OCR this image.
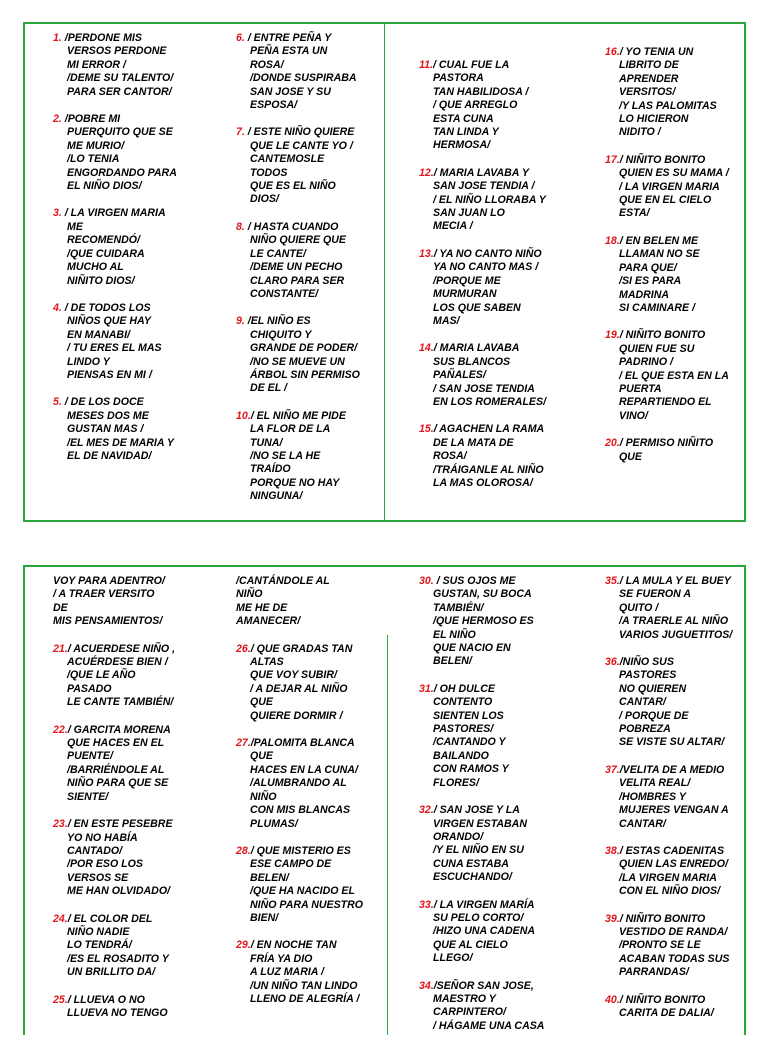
1. /PERDONE MIS
VERSOS PERDONE
MI ERROR /
/DEME SU TALENTO/
PARA SER CANTOR/
2. /POBRE MI
PUERQUITO QUE SE
ME MURIO/
/LO TENIA
ENGORDANDO PARA
EL NIÑO DIOS/
3. / LA VIRGEN MARIA
ME
RECOMENDÓ/
/QUE CUIDARA
MUCHO AL
NIÑITO DIOS/
4. / DE TODOS LOS
NIÑOS QUE HAY
EN MANABI/
/ TU ERES EL MAS
LINDO Y
PIENSAS EN MI /
5. / DE LOS DOCE
MESES DOS ME
GUSTAN MAS /
/EL MES DE MARIA Y
EL DE NAVIDAD/
6. / ENTRE PEÑA Y
PEÑA ESTA UN
ROSA/
/DONDE SUSPIRABA
SAN JOSE Y SU
ESPOSA/
7. / ESTE NIÑO QUIERE
QUE LE CANTE YO /
CANTEMOSLE
TODOS
QUE ES EL NIÑO
DIOS/
8. / HASTA CUANDO
NIÑO QUIERE QUE
LE CANTE/
/DEME UN PECHO
CLARO PARA SER
CONSTANTE/
9. /EL NIÑO ES
CHIQUITO Y
GRANDE DE PODER/
/NO SE MUEVE UN
ÁRBOL SIN PERMISO
DE EL /
10./ EL NIÑO ME PIDE
LA FLOR DE LA
TUNA/
/NO SE LA HE
TRAÍDO
PORQUE NO HAY
NINGUNA/
11./ CUAL FUE LA
PASTORA
TAN HABILIDOSA /
/ QUE ARREGLO
ESTA CUNA
TAN LINDA Y
HERMOSA/
12./ MARIA LAVABA Y
SAN JOSE TENDIA /
/ EL NIÑO LLORABA Y
SAN JUAN LO
MECIA /
13./ YA NO CANTO NIÑO
YA NO CANTO MAS /
/PORQUE ME
MURMURAN
LOS QUE SABEN
MAS/
14./ MARIA LAVABA
SUS BLANCOS
PAÑALES/
/ SAN JOSE TENDIA
EN LOS ROMERALES/
15./ AGACHEN LA RAMA
DE LA MATA DE
ROSA/
/TRÁIGANLE AL NIÑO
LA MAS OLOROSA/
16./ YO TENIA UN
LIBRITO DE
APRENDER
VERSITOS/
/Y LAS PALOMITAS
LO HICIERON
NIDITO /
17./ NIÑITO BONITO
QUIEN ES SU MAMA /
/ LA VIRGEN MARIA
QUE EN EL CIELO
ESTA/
18./ EN BELEN ME
LLAMAN NO SE
PARA QUE/
/SI ES PARA
MADRINA
SI CAMINARE /
19./ NIÑITO BONITO
QUIEN FUE SU
PADRINO /
/ EL QUE ESTA EN LA
PUERTA
REPARTIENDO EL
VINO/
20./ PERMISO NIÑITO
QUE
VOY PARA ADENTRO/
/ A TRAER VERSITO
DE
MIS PENSAMIENTOS/
21./ ACUERDESE NIÑO ,
ACUÉRDESE BIEN /
/QUE LE AÑO
PASADO
LE CANTE TAMBIÉN/
22./ GARCITA MORENA
QUE HACES EN EL
PUENTE/
/BARRIÉNDOLE AL
NIÑO PARA QUE SE
SIENTE/
23./ EN ESTE PESEBRE
YO NO HABÍA
CANTADO/
/POR ESO LOS
VERSOS SE
ME HAN OLVIDADO/
24./ EL COLOR DEL
NIÑO NADIE
LO TENDRÁ/
/ES EL ROSADITO Y
UN BRILLITO DA/
25./ LLUEVA O NO
LLUEVA NO TENGO
/CANTÁNDOLE AL
NIÑO
ME HE DE
AMANECER/
26./ QUE GRADAS TAN
ALTAS
QUE VOY SUBIR/
/ A DEJAR AL NIÑO
QUE
QUIERE DORMIR /
27./PALOMITA BLANCA
QUE
HACES EN LA CUNA/
/ALUMBRANDO AL
NIÑO
CON MIS BLANCAS
PLUMAS/
28./ QUE MISTERIO ES
ESE CAMPO DE
BELEN/
/QUE HA NACIDO EL
NIÑO PARA NUESTRO
BIEN/
29./ EN NOCHE TAN
FRÍA YA DIO
A LUZ MARIA /
/UN NIÑO TAN LINDO
LLENO DE ALEGRÍA /
30. / SUS OJOS ME
GUSTAN, SU BOCA
TAMBIÉN/
/QUE HERMOSO ES
EL NIÑO
QUE NACIO EN
BELEN/
31./ OH DULCE
CONTENTO
SIENTEN LOS
PASTORES/
/CANTANDO Y
BAILANDO
CON RAMOS Y
FLORES/
32./ SAN JOSE Y LA
VIRGEN ESTABAN
ORANDO/
/Y EL NIÑO EN SU
CUNA ESTABA
ESCUCHANDO/
33./ LA VIRGEN MARÍA
SU PELO CORTO/
/HIZO UNA CADENA
QUE AL CIELO
LLEGO/
34./SEÑOR SAN JOSE,
MAESTRO Y
CARPINTERO/
/ HÁGAME UNA CASA
35./ LA MULA Y EL BUEY
SE FUERON A
QUITO /
/A TRAERLE AL NIÑO
VARIOS JUGUETITOS/
36./NIÑO SUS
PASTORES
NO QUIEREN
CANTAR/
/ PORQUE DE
POBREZA
SE VISTE SU ALTAR/
37./VELITA DE A MEDIO
VELITA REAL/
/HOMBRES Y
MUJERES VENGAN A
CANTAR/
38./ ESTAS CADENITAS
QUIEN LAS ENREDO/
/LA VIRGEN MARIA
CON EL NIÑO DIOS/
39./ NIÑITO BONITO
VESTIDO DE RANDA/
/PRONTO SE LE
ACABAN TODAS SUS
PARRANDAS/
40./ NIÑITO BONITO
CARITA DE DALIA/
